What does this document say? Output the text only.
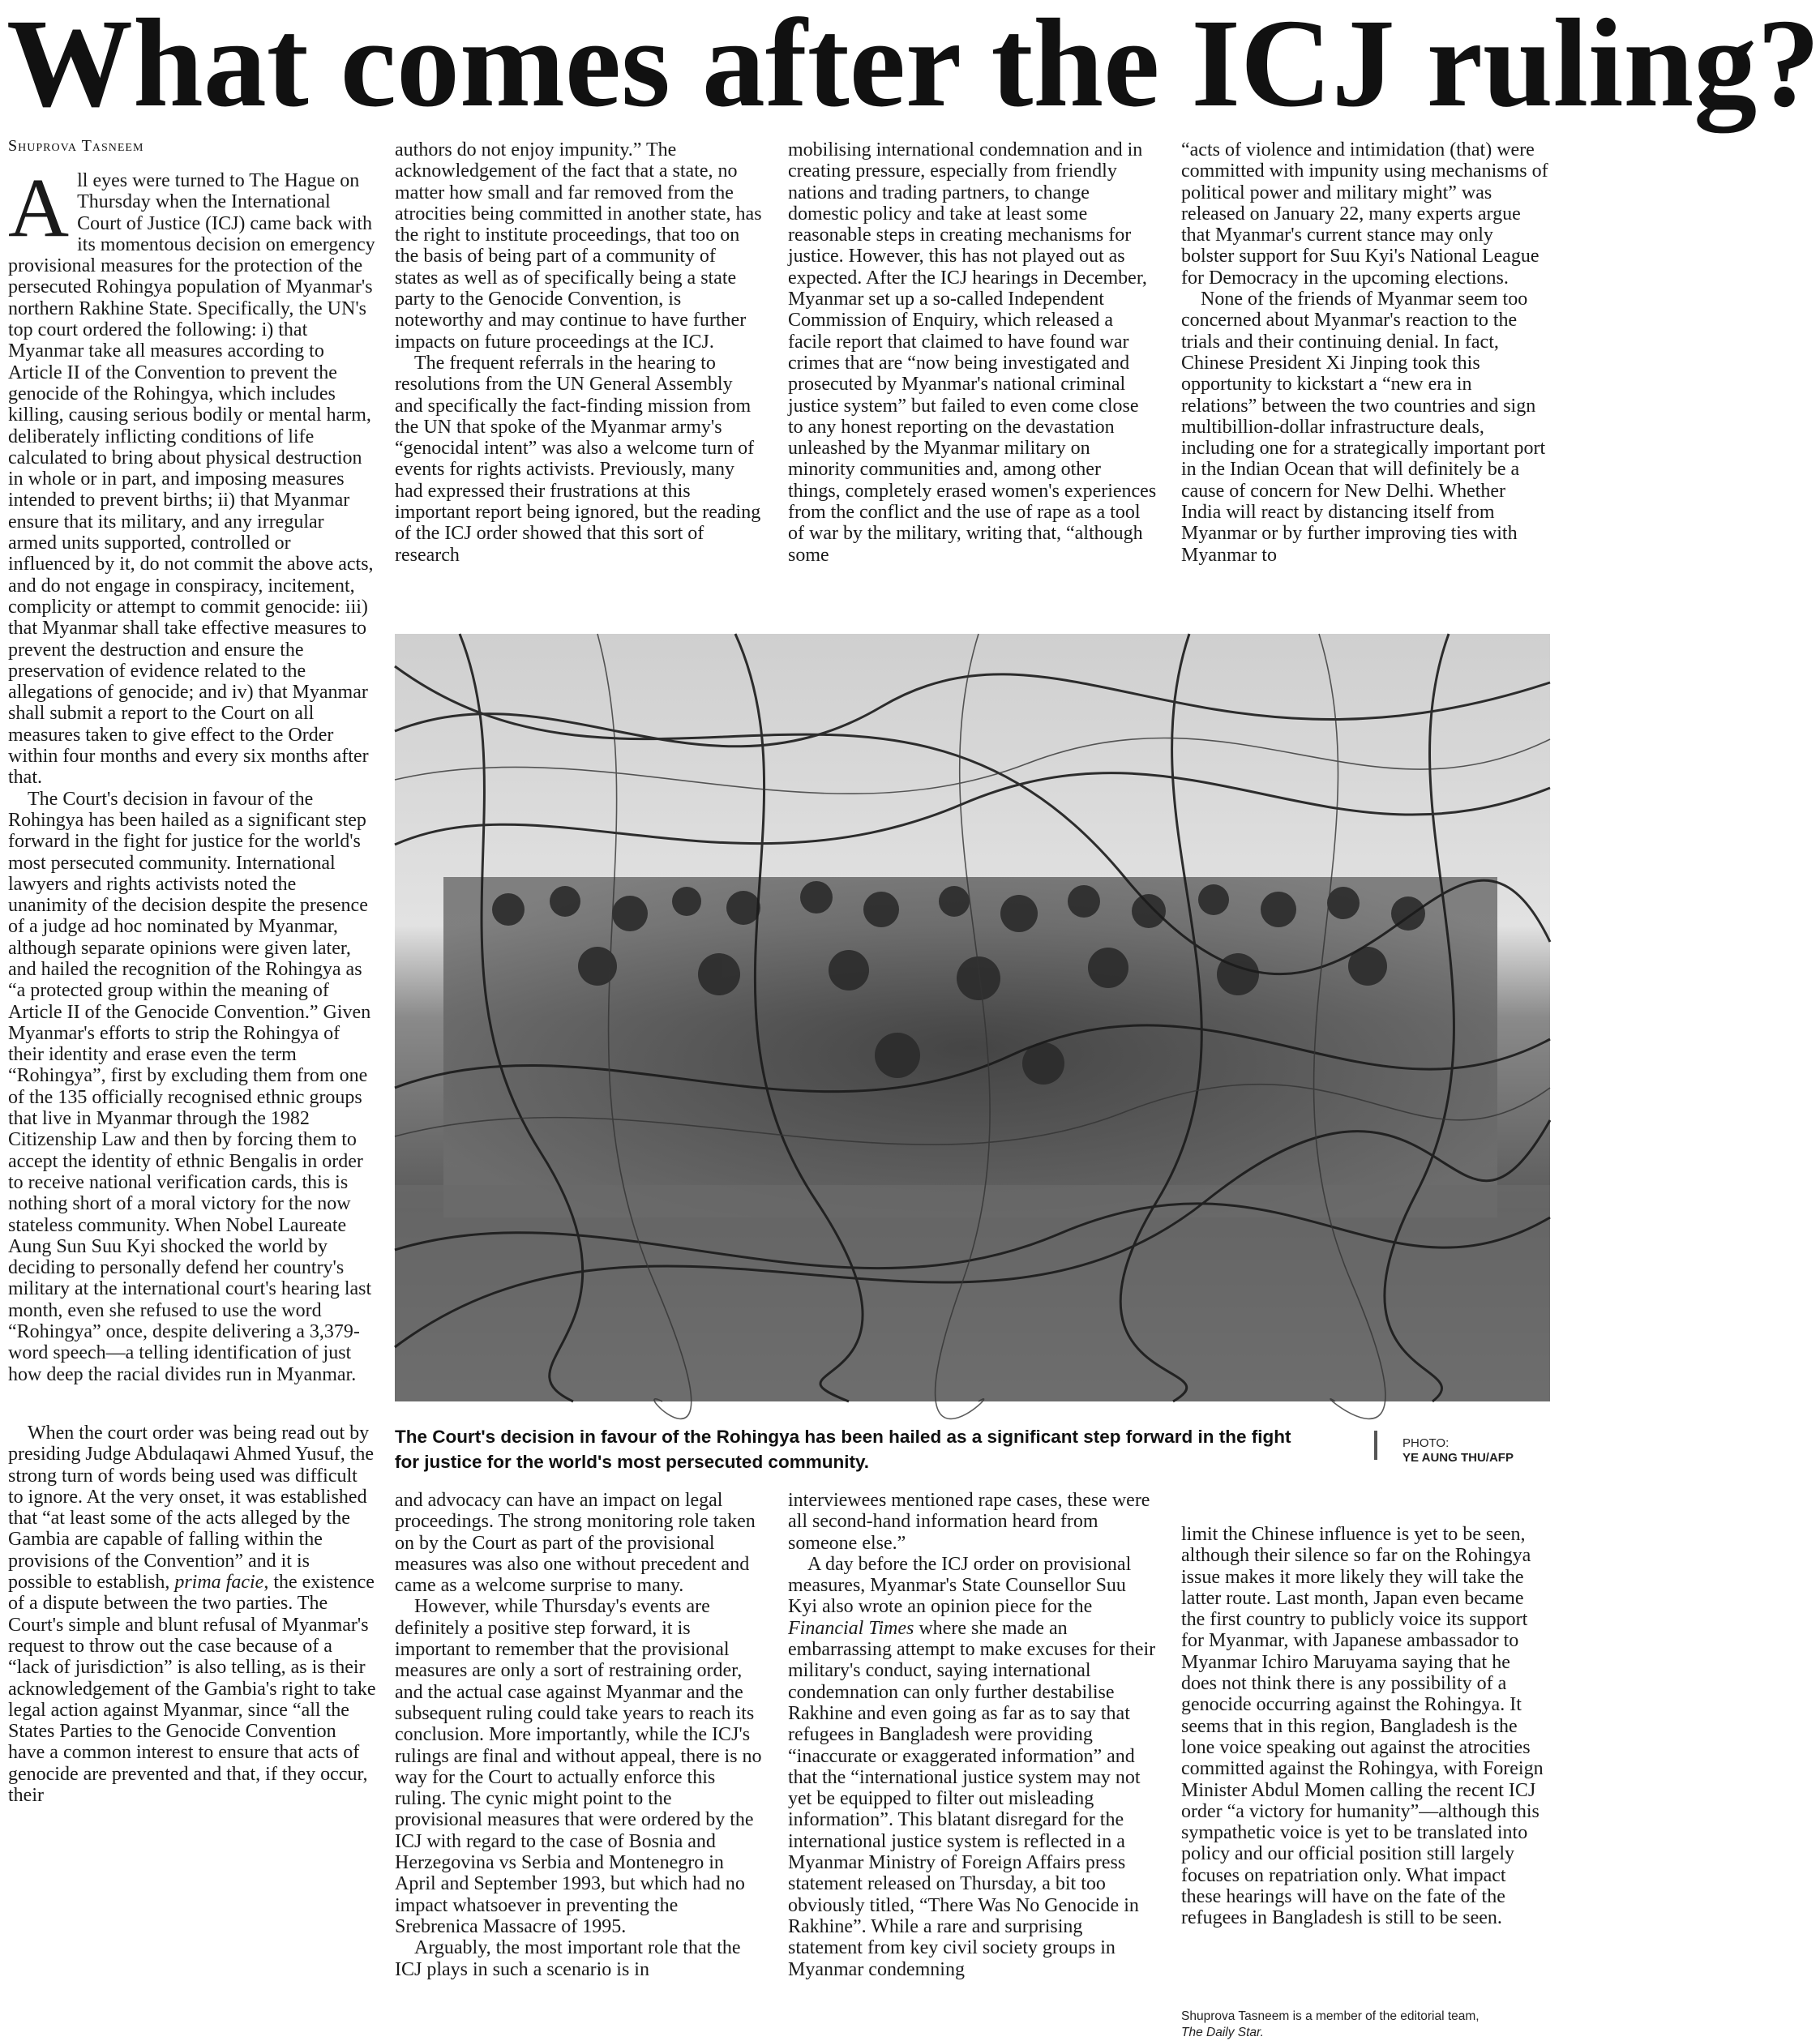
What comes after the ICJ ruling?
Shuprova Tasneem

All eyes were turned to The Hague on Thursday when the International Court of Justice (ICJ) came back with its momentous decision on emergency provisional measures for the protection of the persecuted Rohingya population of Myanmar's northern Rakhine State. Specifically, the UN's top court ordered the following: i) that Myanmar take all measures according to Article II of the Convention to prevent the genocide of the Rohingya, which includes killing, causing serious bodily or mental harm, deliberately inflicting conditions of life calculated to bring about physical destruction in whole or in part, and imposing measures intended to prevent births; ii) that Myanmar ensure that its military, and any irregular armed units supported, controlled or influenced by it, do not commit the above acts, and do not engage in conspiracy, incitement, complicity or attempt to commit genocide: iii) that Myanmar shall take effective measures to prevent the destruction and ensure the preservation of evidence related to the allegations of genocide; and iv) that Myanmar shall submit a report to the Court on all measures taken to give effect to the Order within four months and every six months after that.

The Court's decision in favour of the Rohingya has been hailed as a significant step forward in the fight for justice for the world's most persecuted community. International lawyers and rights activists noted the unanimity of the decision despite the presence of a judge ad hoc nominated by Myanmar, although separate opinions were given later, and hailed the recognition of the Rohingya as “a protected group within the meaning of Article II of the Genocide Convention.” Given Myanmar's efforts to strip the Rohingya of their identity and erase even the term “Rohingya”, first by excluding them from one of the 135 officially recognised ethnic groups that live in Myanmar through the 1982 Citizenship Law and then by forcing them to accept the identity of ethnic Bengalis in order to receive national verification cards, this is nothing short of a moral victory for the now stateless community. When Nobel Laureate Aung Sun Suu Kyi shocked the world by deciding to personally defend her country's military at the international court's hearing last month, even she refused to use the word “Rohingya” once, despite delivering a 3,379-word speech—a telling identification of just how deep the racial divides run in Myanmar.

When the court order was being read out by presiding Judge Abdulaqawi Ahmed Yusuf, the strong turn of words being used was difficult to ignore. At the very onset, it was established that “at least some of the acts alleged by the Gambia are capable of falling within the provisions of the Convention” and it is possible to establish, prima facie, the existence of a dispute between the two parties. The Court's simple and blunt refusal of Myanmar's request to throw out the case because of a “lack of jurisdiction” is also telling, as is their acknowledgement of the Gambia's right to take legal action against Myanmar, since “all the States Parties to the Genocide Convention have a common interest to ensure that acts of genocide are prevented and that, if they occur, their

authors do not enjoy impunity.” The acknowledgement of the fact that a state, no matter how small and far removed from the atrocities being committed in another state, has the right to institute proceedings, that too on the basis of being part of a community of states as well as of specifically being a state party to the Genocide Convention, is noteworthy and may continue to have further impacts on future proceedings at the ICJ.

The frequent referrals in the hearing to resolutions from the UN General Assembly and specifically the fact-finding mission from the UN that spoke of the Myanmar army's “genocidal intent” was also a welcome turn of events for rights activists. Previously, many had expressed their frustrations at this important report being ignored, but the reading of the ICJ order showed that this sort of research

mobilising international condemnation and in creating pressure, especially from friendly nations and trading partners, to change domestic policy and take at least some reasonable steps in creating mechanisms for justice. However, this has not played out as expected. After the ICJ hearings in December, Myanmar set up a so-called Independent Commission of Enquiry, which released a facile report that claimed to have found war crimes that are “now being investigated and prosecuted by Myanmar's national criminal justice system” but failed to even come close to any honest reporting on the devastation unleashed by the Myanmar military on minority communities and, among other things, completely erased women's experiences from the conflict and the use of rape as a tool of war by the military, writing that, “although some

“acts of violence and intimidation (that) were committed with impunity using mechanisms of political power and military might” was released on January 22, many experts argue that Myanmar's current stance may only bolster support for Suu Kyi's National League for Democracy in the upcoming elections.

None of the friends of Myanmar seem too concerned about Myanmar's reaction to the trials and their continuing denial. In fact, Chinese President Xi Jinping took this opportunity to kickstart a “new era in relations” between the two countries and sign multibillion-dollar infrastructure deals, including one for a strategically important port in the Indian Ocean that will definitely be a cause of concern for New Delhi. Whether India will react by distancing itself from Myanmar or by further improving ties with Myanmar to

The Court's decision in favour of the Rohingya has been hailed as a significant step forward in the fight for justice for the world's most persecuted community.
PHOTO:
YE AUNG THU/AFP

and advocacy can have an impact on legal proceedings. The strong monitoring role taken on by the Court as part of the provisional measures was also one without precedent and came as a welcome surprise to many.

However, while Thursday's events are definitely a positive step forward, it is important to remember that the provisional measures are only a sort of restraining order, and the actual case against Myanmar and the subsequent ruling could take years to reach its conclusion. More importantly, while the ICJ's rulings are final and without appeal, there is no way for the Court to actually enforce this ruling. The cynic might point to the provisional measures that were ordered by the ICJ with regard to the case of Bosnia and Herzegovina vs Serbia and Montenegro in April and September 1993, but which had no impact whatsoever in preventing the Srebrenica Massacre of 1995.

Arguably, the most important role that the ICJ plays in such a scenario is in

interviewees mentioned rape cases, these were all second-hand information heard from someone else.”

A day before the ICJ order on provisional measures, Myanmar's State Counsellor Suu Kyi also wrote an opinion piece for the Financial Times where she made an embarrassing attempt to make excuses for their military's conduct, saying international condemnation can only further destabilise Rakhine and even going as far as to say that refugees in Bangladesh were providing “inaccurate or exaggerated information” and that the “international justice system may not yet be equipped to filter out misleading information”. This blatant disregard for the international justice system is reflected in a Myanmar Ministry of Foreign Affairs press statement released on Thursday, a bit too obviously titled, “There Was No Genocide in Rakhine”. While a rare and surprising statement from key civil society groups in Myanmar condemning

limit the Chinese influence is yet to be seen, although their silence so far on the Rohingya issue makes it more likely they will take the latter route. Last month, Japan even became the first country to publicly voice its support for Myanmar, with Japanese ambassador to Myanmar Ichiro Maruyama saying that he does not think there is any possibility of a genocide occurring against the Rohingya. It seems that in this region, Bangladesh is the lone voice speaking out against the atrocities committed against the Rohingya, with Foreign Minister Abdul Momen calling the recent ICJ order “a victory for humanity”—although this sympathetic voice is yet to be translated into policy and our official position still largely focuses on repatriation only. What impact these hearings will have on the fate of the refugees in Bangladesh is still to be seen.

Shuprova Tasneem is a member of the editorial team,
The Daily Star.
